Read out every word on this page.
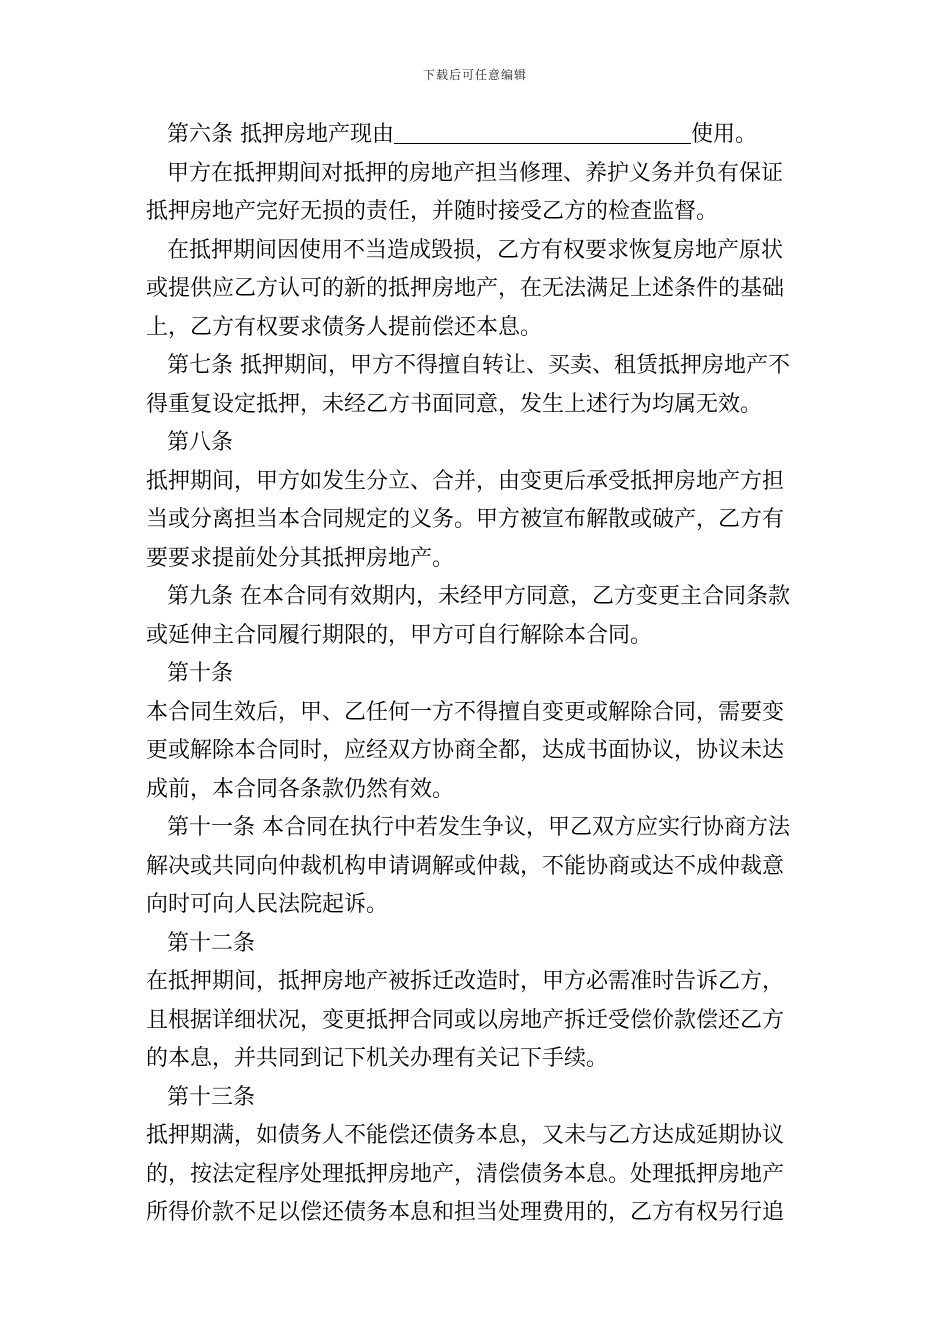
下载后可任意编辑
第六条 抵押房地产现由	使用。
甲方在抵押期间对抵押的房地产担当修理、养护义务并负有保证
抵押房地产完好无损的责任，并随时接受乙方的检查监督。
在抵押期间因使用不当造成毁损，乙方有权要求恢复房地产原状
或提供应乙方认可的新的抵押房地产，在无法满足上述条件的基础
上，乙方有权要求债务人提前偿还本息。
第七条 抵押期间，甲方不得擅自转让、买卖、租赁抵押房地产不
得重复设定抵押，未经乙方书面同意，发生上述行为均属无效。
第八条
抵押期间，甲方如发生分立、合并，由变更后承受抵押房地产方担
当或分离担当本合同规定的义务。甲方被宣布解散或破产，乙方有
要要求提前处分其抵押房地产。
第九条 在本合同有效期内，未经甲方同意，乙方变更主合同条款
或延伸主合同履行期限的，甲方可自行解除本合同。
第十条
本合同生效后，甲、乙任何一方不得擅自变更或解除合同，需要变
更或解除本合同时，应经双方协商全都，达成书面协议，协议未达
成前，本合同各条款仍然有效。
第十一条 本合同在执行中若发生争议，甲乙双方应实行协商方法
解决或共同向仲裁机构申请调解或仲裁，不能协商或达不成仲裁意
向时可向人民法院起诉。
第十二条
在抵押期间，抵押房地产被拆迁改造时，甲方必需准时告诉乙方，
且根据详细状况，变更抵押合同或以房地产拆迁受偿价款偿还乙方
的本息，并共同到记下机关办理有关记下手续。
第十三条
抵押期满，如债务人不能偿还债务本息，又未与乙方达成延期协议
的，按法定程序处理抵押房地产，清偿债务本息。处理抵押房地产
所得价款不足以偿还债务本息和担当处理费用的，乙方有权另行追
